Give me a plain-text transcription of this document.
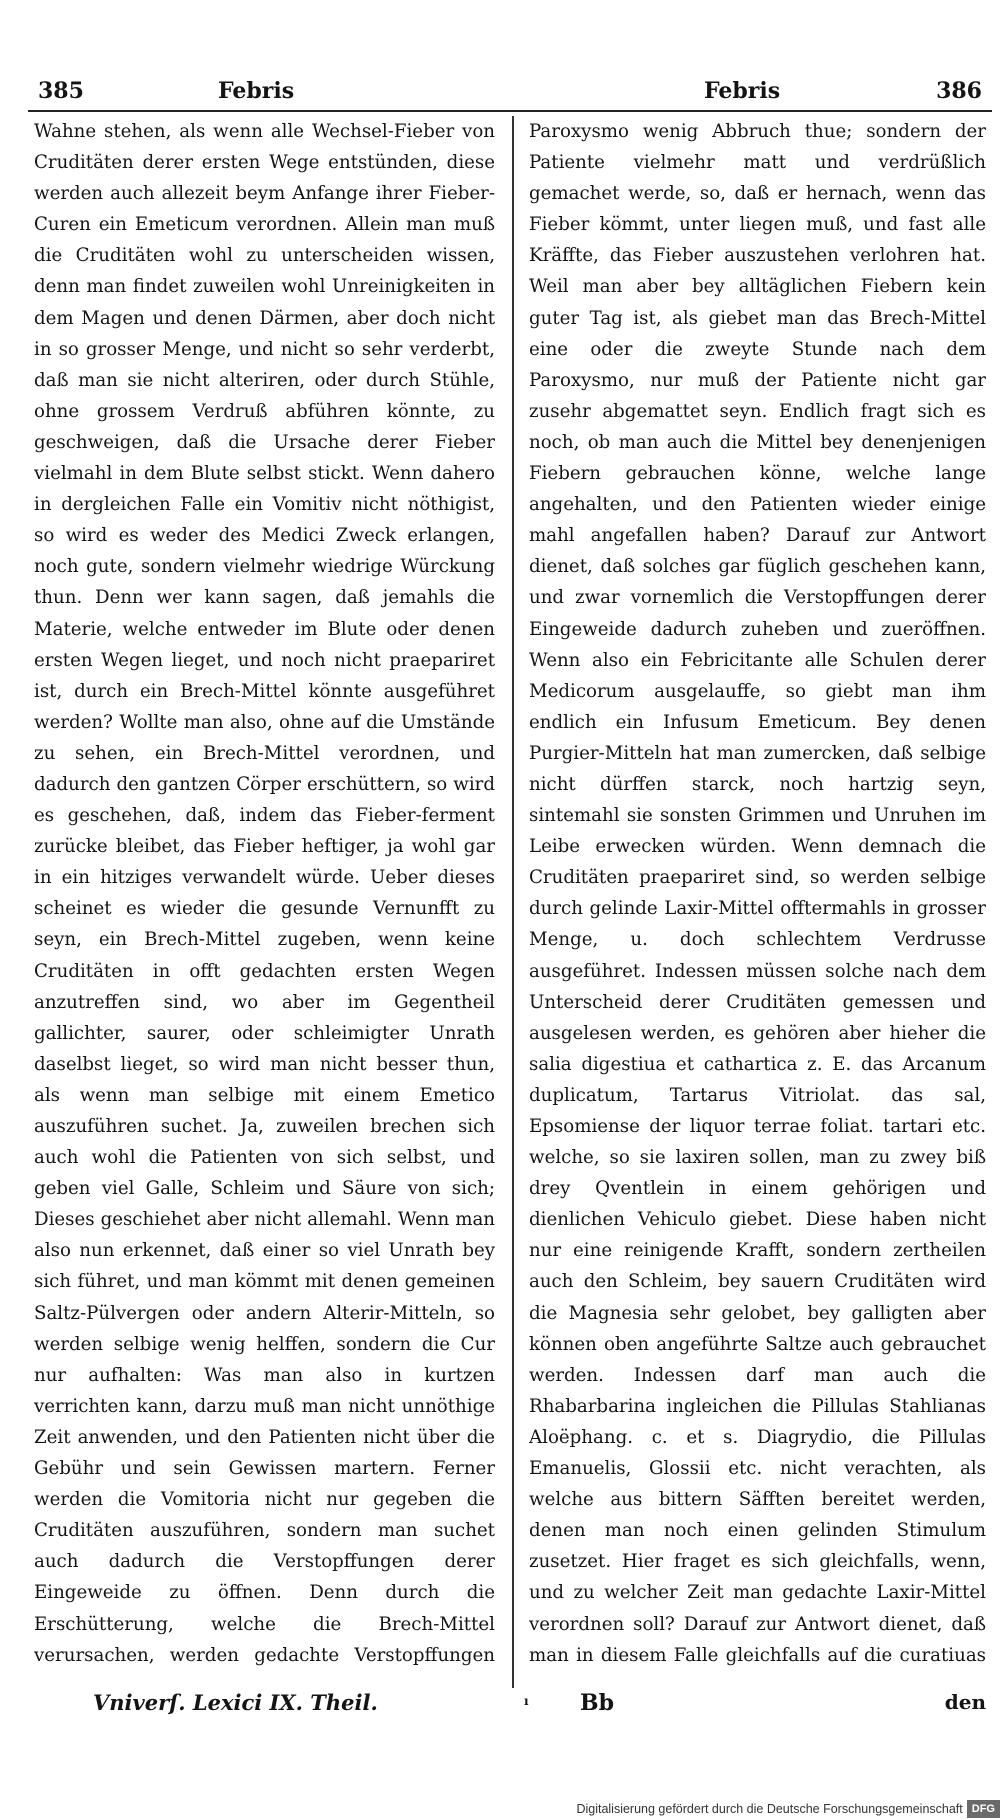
385	Febris	Febris	386

Wahne stehen, als wenn alle Wechsel-Fieber von Cruditäten derer ersten Wege entstünden, diese werden auch allezeit beym Anfange ihrer Fieber-Curen ein Emeticum verordnen. Allein man muß die Cruditäten wohl zu unterscheiden wissen, denn man findet zuweilen wohl Unreinigkeiten in dem Magen und denen Därmen, aber doch nicht in so grosser Menge, und nicht so sehr verderbt, daß man sie nicht alteriren, oder durch Stühle, ohne grossem Verdruß abführen könnte, zu geschweigen, daß die Ursache derer Fieber vielmahl in dem Blute selbst stickt. Wenn dahero in dergleichen Falle ein Vomitiv nicht nöthigist, so wird es weder des Medici Zweck erlangen, noch gute, sondern vielmehr wiedrige Würckung thun. Denn wer kann sagen, daß jemahls die Materie, welche entweder im Blute oder denen ersten Wegen lieget, und noch nicht praepariret ist, durch ein Brech-Mittel könnte ausgeführet werden? Wollte man also, ohne auf die Umstände zu sehen, ein Brech-Mittel verordnen, und dadurch den gantzen Cörper erschüttern, so wird es geschehen, daß, indem das Fieber-ferment zurücke bleibet, das Fieber heftiger, ja wohl gar in ein hitziges verwandelt würde. Ueber dieses scheinet es wieder die gesunde Vernunfft zu seyn, ein Brech-Mittel zugeben, wenn keine Cruditäten in offt gedachten ersten Wegen anzutreffen sind, wo aber im Gegentheil gallichter, saurer, oder schleimigter Unrath daselbst lieget, so wird man nicht besser thun, als wenn man selbige mit einem Emetico auszuführen suchet. Ja, zuweilen brechen sich auch wohl die Patienten von sich selbst, und geben viel Galle, Schleim und Säure von sich; Dieses geschiehet aber nicht allemahl. Wenn man also nun erkennet, daß einer so viel Unrath bey sich führet, und man kömmt mit denen gemeinen Saltz-Pülvergen oder andern Alterir-Mitteln, so werden selbige wenig helffen, sondern die Cur nur aufhalten: Was man also in kurtzen verrichten kann, darzu muß man nicht unnöthige Zeit anwenden, und den Patienten nicht über die Gebühr und sein Gewissen martern. Ferner werden die Vomitoria nicht nur gegeben die Cruditäten auszuführen, sondern man suchet auch dadurch die Verstopffungen derer Eingeweide zu öffnen. Denn durch die Erschütterung, welche die Brech-Mittel verursachen, werden gedachte Verstopffungen

Paroxysmo wenig Abbruch thue; sondern der Patiente vielmehr matt und verdrüßlich gemachet werde, so, daß er hernach, wenn das Fieber kömmt, unter liegen muß, und fast alle Kräffte, das Fieber auszustehen verlohren hat. Weil man aber bey alltäglichen Fiebern kein guter Tag ist, als giebet man das Brech-Mittel eine oder die zweyte Stunde nach dem Paroxysmo, nur muß der Patiente nicht gar zusehr abgemattet seyn. Endlich fragt sich es noch, ob man auch die Mittel bey denenjenigen Fiebern gebrauchen könne, welche lange angehalten, und den Patienten wieder einige mahl angefallen haben? Darauf zur Antwort dienet, daß solches gar füglich geschehen kann, und zwar vornemlich die Verstopffungen derer Eingeweide dadurch zuheben und zueröffnen. Wenn also ein Febricitante alle Schulen derer Medicorum ausgelauffe, so giebt man ihm endlich ein Infusum Emeticum. Bey denen Purgier-Mitteln hat man zumercken, daß selbige nicht dürffen starck, noch hartzig seyn, sintemahl sie sonsten Grimmen und Unruhen im Leibe erwecken würden. Wenn demnach die Cruditäten praepariret sind, so werden selbige durch gelinde Laxir-Mittel offtermahls in grosser Menge, u. doch schlechtem Verdrusse ausgeführet. Indessen müssen solche nach dem Unterscheid derer Cruditäten gemessen und ausgelesen werden, es gehören aber hieher die salia digestiua et cathartica z. E. das Arcanum duplicatum, Tartarus Vitriolat. das sal, Epsomiense der liquor terrae foliat. tartari etc. welche, so sie laxiren sollen, man zu zwey biß drey Qventlein in einem gehörigen und dienlichen Vehiculo giebet. Diese haben nicht nur eine reinigende Krafft, sondern zertheilen auch den Schleim, bey sauern Cruditäten wird die Magnesia sehr gelobet, bey galligten aber können oben angeführte Saltze auch gebrauchet werden. Indessen darf man auch die Rhabarbarina ingleichen die Pillulas Stahlianas Aloëphang. c. et s. Diagrydio, die Pillulas Emanuelis, Glossii etc. nicht verachten, als welche aus bittern Säfften bereitet werden, denen man noch einen gelinden Stimulum zusetzet. Hier fraget es sich gleichfalls, wenn, und zu welcher Zeit man gedachte Laxir-Mittel verordnen soll? Darauf zur Antwort dienet, daß man in diesem Falle gleichfalls auf die curatiuas

Vniverſ. Lexici IX. Theil.	ı Bb	den
Digitalisierung gefördert durch die Deutsche Forschungsgemeinschaft DFG
